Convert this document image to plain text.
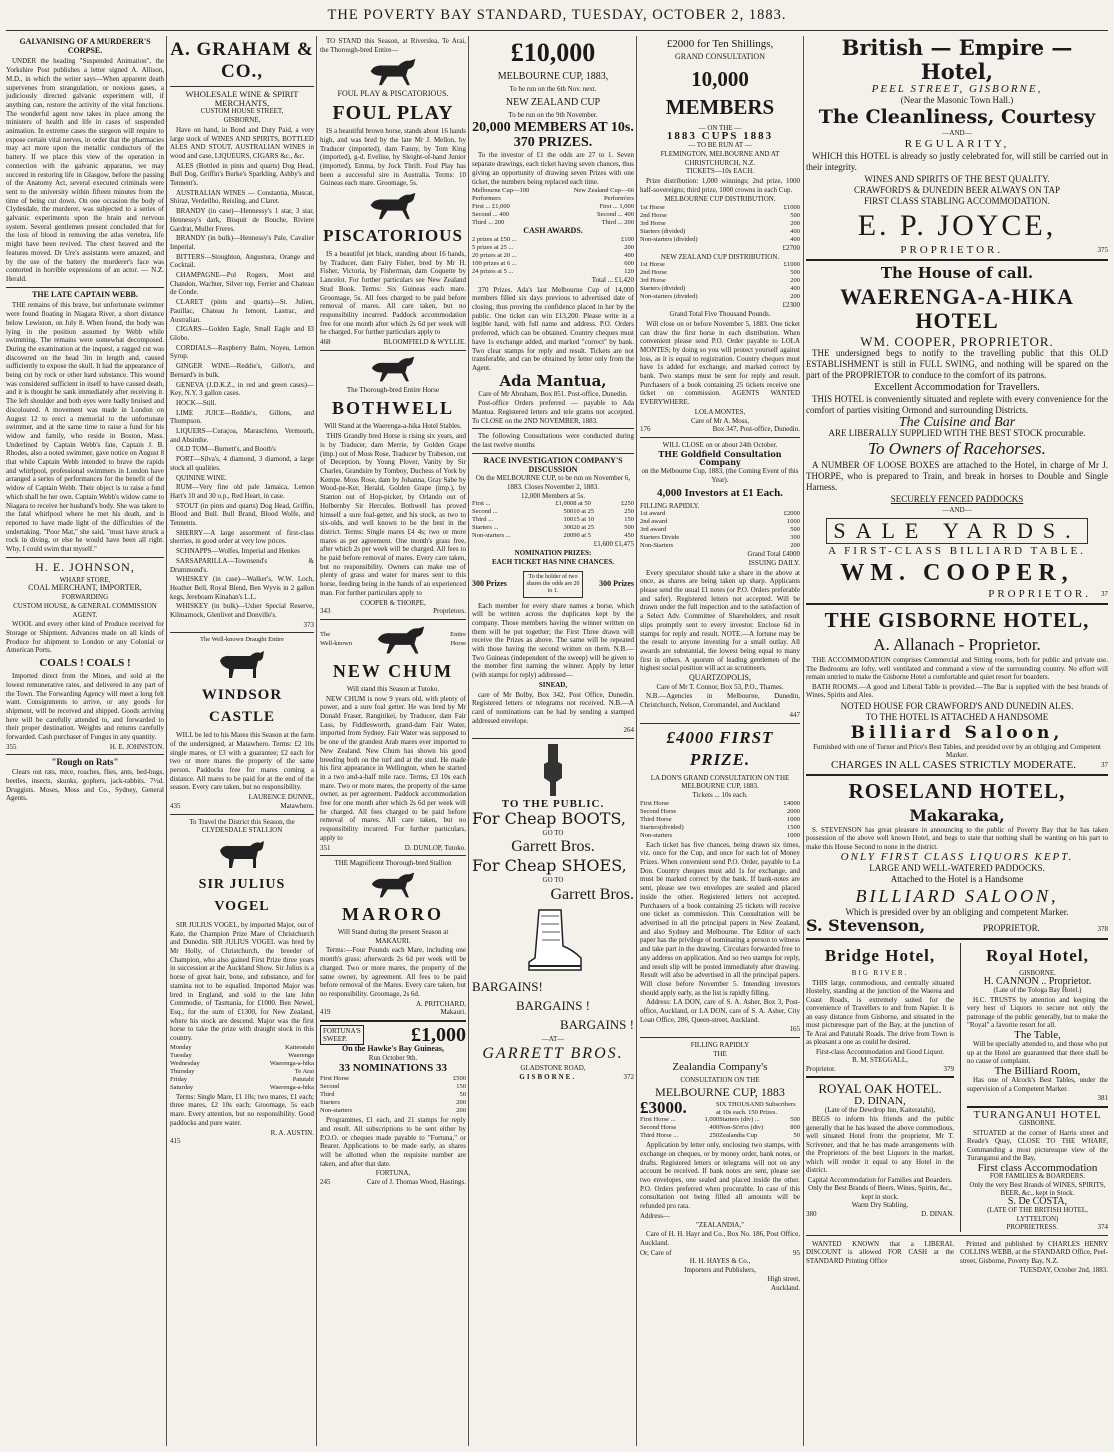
THE POVERTY BAY STANDARD, TUESDAY, OCTOBER 2, 1883.
GALVANISING OF A MURDERER'S CORPSE.
UNDER the heading "Suspended Animation", the Yorkshire Post publishes a letter signed A. Allison, M.D., in which the writer says—When apparent death supervenes from strangulation, or noxious gases, a judiciously directed galvanic experiment will, if anything can, restore the activity of the vital functions. The wonderful agent now takes its place among the ministers of health and life in cases of suspended animation. In extreme cases the surgeon will require to expose certain vital nerves, in order that the pharmacies may act more upon the metallic conductors of the battery. If we place this view of the operation in connection with the galvanic apparatus, we may succeed in restoring life in Glasgow, before the passing of the Anatomy Act, several executed criminals were sent to the university within fifteen minutes from the time of being cut down. On one occasion the body of Clydesdale, the murderer, was subjected to a series of galvanic experiments upon the brain and nervous system. Several gentlemen present concluded that for the loss of blood in removing the atlas vertebra, life might have been revived. The chest heaved and the features moved. Dr Ure's assistants were amazed, and by the use of the battery the murderer's face was contorted in horrible expressions of an actor. — N.Z. Herald.
THE LATE CAPTAIN WEBB.
THE remains of this brave, but unfortunate swimmer were found floating in Niagara River, a short distance below Lewiston, on July 8. When found, the body was lying in the position assumed by Webb while swimming. The remains were somewhat decomposed. During the examination at the inquest, a ragged cut was discovered on the head 3in in length and, caused sufficiently to expose the skull. It had the appearance of being cut by rock or other hard substance. This wound was considered sufficient in itself to have caused death, and it is thought he sank immediately after receiving it. The left shoulder and both eyes were badly bruised and discoloured. A movement was made in London on August 12 to erect a memorial to the unfortunate swimmer, and at the same time to raise a fund for his widow and family, who reside in Boston, Mass. Underlined by Captain Webb's fate, Captain J. B. Rhodes, also a noted swimmer, gave notice on August 8 that while Captain Webb intended to brave the rapids and whirlpool, professional swimmers in London have arranged a series of performances for the benefit of the widow of Captain Webb. Their object is to raise a fund which shall be her own. Captain Webb's widow came to Niagara to receive her husband's body. She was taken to the fatal whirlpool where he met his death, and is reported to have made light of the difficulties of the undertaking. "Poor Mat," she said, "must have struck a rock in diving, or else he would have been all right. Why, I could swim that myself."
H. E. JOHNSON,
WHARF STORE,
COAL MERCHANT, IMPORTER,
FORWARDING
CUSTOM HOUSE, & GENERAL COMMISSION AGENT.
WOOL and every other kind of Produce received for Storage or Shipment. Advances made on all kinds of Produce for shipment to London or any Colonial or American Ports.
COALS ! COALS !
Imported direct from the Mines, and sold at the lowest remunerative rates, and delivered in any part of the Town. The Forwarding Agency will meet a long felt want. Consignments to arrive, or any goods for shipment, will be received and shipped. Goods arriving here will be carefully attended to, and forwarded to their proper destination. Weights and returns carefully forwarded. Cash purchaser of Fungus in any quantity.
355	H. E. JOHNSTON.
"Rough on Rats"
Clears out rats, mice, roaches, flies, ants, bed-bugs, beetles, insects, skunks, gophers, jack-rabbits. 7½d. Druggists. Moses, Moss and Co., Sydney, General Agents.
A. GRAHAM & CO.,
WHOLESALE WINE & SPIRIT
MERCHANTS,
CUSTOM HOUSE STREET,
GISBORNE,
Have on hand, in Bond and Duty Paid, a very large stock of WINES AND SPIRITS, BOTTLED ALES AND STOUT, AUSTRALIAN WINES in wood and case, LIQUEURS, CIGARS &c., &c.
ALES (Bottled in pints and quarts) Dog Head, Bull Dog, Griffin's Burke's Sparkling, Ashby's and Tennent's.
AUSTRALIAN WINES — Constantia, Muscat, Shiraz, Verdeilho, Reisling, and Claret.
BRANDY (in case)—Hennessy's 1 star, 3 star, Hennessy's dark, Bisquit de Bouche, Riviere Gardrat, Muller Freres.
BRANDY (in bulk)—Hennessy's Pale, Cavalier Imperial.
BITTERS—Stoughton, Angustura, Orange and Cocktail.
CHAMPAGNE—Pol Rogers, Moet and Chandon, Wachter, Silver top, Ferrier and Chateau de Conde.
CLARET (pints and quarts)—St. Julien, Pauillac, Chateau Ju Iemont, Lastrac, and Australian.
CIGARS—Golden Eagle, Small Eagle and El Globo.
CORDIALS—Raspberry Balm, Noyeu, Lemon Syrup.
GINGER WINE—Reddie's, Gillon's, and Bernard's in bulk.
GENEVA (J.D.K.Z., in red and green cases)—Key, N.Y. 3 gallon cases.
HOCK—Still.
LIME JUICE—Reddie's, Gillons, and Thompson.
LIQUERS—Curaçoa, Maraschino, Vermouth, and Absinthe.
OLD TOM—Burnett's, and Booth's
PORT—Silva's, 4 diamond, 3 diamond, a large stock all qualities.
QUININE WINE.
RUM—Very fine old pale Jamaica, Lemon Hart's 10 and 30 o.p., Red Heart, in case.
STOUT (in pints and quarts) Dog Head, Griffin, Blood and Bull. Bull Brand, Blood Wolfe, and Tennents.
SHERRY—A large assortment of first-class sherries, in good order at very low prices.
SCHNAPPS—Wolfes, Imperial and Henkes
SARSAPARILLA—Townsend's & Drummond's.
WHISKEY (in case)—Walker's, W.W. Loch, Heather Bell, Royal Blend, Ben Wyvis in 2 gallon kegs, Jereboam Kinahan's L.L.
WHISKEY (in bulk)—Usher Special Reserve, Kilmarnock, Glenlivet and Donville's.
373
The Well-known Draught Entire
WINDSOR CASTLE
WILL be led to his Mares this Season at the farm of the undersigned, at Matawhero. Terms: £2 10s single mares, or £3 with a guarantee; £2 each for two or more mares the property of the same person. Paddocks free for mares coming a distance. All mares to be paid for at the end of the season. Every care taken, but no responsibility.
LAURENCE DUNNE,
435	Matawhero.
To Travel the District this Season, the
CLYDESDALE STALLION
SIR JULIUS VOGEL
SIR JULIUS VOGEL, by imported Major, out of Kate, the Champion Prize Mare of Christchurch and Dunedin. SIR JULIUS VOGEL was bred by Mr Holly, of Christchurch, the breeder of Champion, who also gained First Prize three years in succession at the Auckland Show. Sir Julius is a horse of great hair, bone, and substance, and for stamina not to be equalled. Imported Major was bred in England, and sold to the late John Commodie, of Tasmania, for £1000. Ben Newel, Esq., for the sum of £1300, for New Zealand, where his stock are descend. Major was the first horse to take the prize with draught stock in this country.
Monday	Kaiteratahi
Tuesday	Waerenga
Wednesday	Waerenga-a-hika
Thursday	Te Arai
Friday	Patutahi
Saturday	Waerenga-a-hika
Terms: Single Mare, £1 10s; two mares, £1 each; three mares, £2 10s each; Groomage, 5s each mare. Every attention, but no responsibility. Good paddocks and pure water.
R. A. AUSTIN.
415
TO STAND this Season, at Riverslea, Te Arai, the Thorough-bred Entire—
FOUL PLAY & PISCATORIOUS.
FOUL PLAY
IS a beautiful brown horse, stands about 16 hands high, and was bred by the late Mr J. Mellon, by Traducer (imported), dam Fanny, by Tom King (imported), g-d. Eveline, by Sleight-of-hand Junior (imported), Emma, by Jock Thrift. Foul Play has been a successful sire in Australia. Terms: 10 Guineas each mare. Groomage, 5s.
PISCATORIOUS
IS a beautiful jet black, standing about 16 hands, by Traducer, dam Fairy Fisher, bred by Mr H. Fisher, Victoria, by Fisherman, dam Coquette by Lancelot. For further particulars see New Zealand Stud Book. Terms: Six Guineas each mare. Groomage, 5s. All fees charged to be paid before removal of mares. All care taken, but no responsibility incurred. Paddock accommodation free for one month after which 2s 6d per week will be charged. For further particulars apply to
468	BLOOMFIELD & WYLLIE.
The Thorough-bred Entire Horse
BOTHWELL
Will Stand at the Waerenga-a-hika Hotel Stables.
THIS Grandly bred Horse is rising six years, and is by Traducer, dam Merrie, by Golden Grape (imp.) out of Moss Rose, Traducer by Trabeson, out of Deception, by Young Plover, Vanity by Sir Charles, Grandsire by Tomboy, Duchess of York by Kempe. Moss Rose, dam by Johanna, Gray Sabe by Wood-pe-Ker, Herald, Golden Grape (imp.), by Stanton out of Hop-picker, by Orlando out of Holbernby Sir Hercules. Bothwell has proved himself a sure foal-getter, and his stock, as two to six-olds, and well known to be the best in the district. Terms: Single mares £4 4s; two or more mares as per agreement. One month's grass free, after which 2s per week will be charged. All fees to be paid before removal of mares. Every care taken, but no responsibility. Owners can make use of plenty of grass and water for mares sent to this horse, feeding being in the hands of an experienced man. For further particulars apply to
COOPER & THORPE,
343	Proprietors.
The
Well-known
Entire
Horse
NEW CHUM
Will stand this Season at Tutoko.
NEW CHUM is now 9 years old, with plenty of power, and a sure foal getter. He was bred by Mr Donald Fraser, Rangitikei, by Traducer, dam Fair Lass, by Fiddlesworth, grand-dam Fair Water, imported from Sydney. Fair Water was supposed to be one of the grandest Arab mares ever imported to New Zealand. New Chum has shown his good breeding both on the turf and at the stud. He made his first appearance in Wellington, when he started in a two and-a-half mile race. Terms, £3 10s each mare. Two or more mares, the property of the same owner, as per agreement. Paddock accommodation free for one month after which 2s 6d per week will be charged. All fees charged to be paid before removal of mares. All care taken, but no responsibility incurred. For further particulars, apply to
351	D. DUNLOP, Tutoko.
THE Magnificent Thorough-bred Stallion
MARORO
Will Stand during the present Season at MAKAURI.
Terms:—Four Pounds each Mare, including one month's grass; afterwards 2s 6d per week will be charged. Two or more mares, the property of the same owner, by agreement. All fees to be paid before removal of the Mares. Every care taken, but no responsibility. Groomage, 2s 6d.
A. PRITCHARD,
419	Makauri.
FORTUNA'S
SWEEP.	£1,000
On the Hawke's Bay Guineas,
Run October 9th.
33 NOMINATIONS 33
First Horse	£500
Second	150
Third	50
Starters	200
Non-starters	200
Programmes, £1 each, and 21 stamps for reply and result. All subscriptions to be sent either by P.O.O. or cheques made payable to "Fortuna," or Bearer. Applications to be made early, as shares will be allotted when the requisite number are taken, and after that date.
FORTUNA,
245	Care of J. Thomas Wood, Hastings.
£10,000
MELBOURNE CUP, 1883,
To be run on the 6th Nov. next.
NEW ZEALAND CUP
To be run on the 9th November.
20,000 MEMBERS AT 10s.
370 PRIZES.
To the investor of £1 the odds are 27 to 1. Seven separate drawings, each ticket having seven chances, thus giving an opportunity of drawing seven Prizes with one ticket, the numbers being replaced each time.
Melbourne Cup—100 Performers	New Zealand Cup—66 Perform'ers
First ... £1,000	First ... 1,000
Second ... 400	Second ... 400
Third ... 200	Third ... 200
CASH AWARDS.
2 prizes at £50 ...	£100
5 prizes at 25 ...	200
20 prizes at 20 ...	400
100 prizes at 6 ...	600
24 prizes at 5 ...	120
Total ... £1,420
370 Prizes. Ada's last Melbourne Cup of 14,000 members filled six days previous to advertised date of closing, thus proving the confidence placed in her by the public. One ticket can win £13,200. Please write in a legible hand, with full name and address. P.O. Orders preferred, which can be obtained. Country cheques must have 1s exchange added, and marked "correct" by bank. Two clear stamps for reply and result. Tickets are not transferable, and can be obtained by letter only from the Agent.
Ada Mantua,
Care of Mr Abraham, Box 851. Post-office, Dunedin.
Post-office Orders preferred — payable to Ada Mantua. Registered letters and tele grams not accepted. To CLOSE on the 2ND NOVEMBER, 1883.
The following Consultations were conducted during the last twelve months
RACE INVESTIGATION COMPANY'S DISCUSSION
On the MELBOURNE CUP, to be run on November 6, 1883. Closes November 2, 1883.
12,000 Members at 5s.
First ...	£1,000	8 at 50	£250
Second ...	500	10 at 25	250
Third ...	100	15 at 10	150
Starters ...	300	20 at 25	500
Non-starters ...	200	90 at 5	450
£1,600 £1,475
NOMINATION PRIZES:
EACH TICKET HAS NINE CHANCES.
300 Prizes
To the holder of two shares the odds are 20 to 1.
300 Prizes
Each member for every share names a horse, which will be written across the duplicates kept by the company. Those members having the winner written on them will be put together; the First Three drawn will receive the Prizes as above. The same will be repeated with those having the second written on them. N.B.—Two Guineas (independent of the sweep) will be given to the member first naming the winner. Apply by letter (with stamps for reply) addressed—
SINEAD,
care of Mr Bolby, Box 342, Post Office, Dunedin. Registered letters or telegrams not received. N.B.—A card of nominations can be had by sending a stamped addressed envelope.
264
TO THE PUBLIC.
For Cheap BOOTS,
GO TO
Garrett Bros.
For Cheap SHOES,
GO TO
Garrett Bros.
BARGAINS!
BARGAINS !
BARGAINS !
—AT—
GARRETT BROS.
GLADSTONE ROAD,
GISBORNE.	372
£2000 for Ten Shillings,
GRAND CONSULTATION
10,000 MEMBERS
— ON THE —
1883 CUPS 1883
— TO BE RUN AT —
FLEMINGTON, MELBOURNE AND AT CHRISTCHURCH, N.Z.
TICKETS—10s EACH.
Prize distribution: 1,000 winnings; 2nd prize, 1000 half-sovereigns; third prize, 1000 crowns in each Cup.
MELBOURNE CUP DISTRIBUTION.
1st Horse	£1000
2nd Horse	500
3rd Horse	200
Starters (divided)	400
Non-starters (divided)	400
£2700
NEW ZEALAND CUP DISTRIBUTION.
1st Horse	£1000
2nd Horse	500
3rd Horse	200
Starters (divided)	400
Non-starters (divided)	200
£2300
Grand Total Five Thousand Pounds.
Will close on or before November 5, 1883. One ticket can draw the first horse in each distribution. When convenient please send P.O. Order payable to LOLA MONTES; by doing so you will protect yourself against loss, as it is equal to registration. Country cheques must have 1s added for exchange, and marked correct by bank. Two stamps must be sent for reply and result. Purchasers of a book containing 25 tickets receive one ticket on commission. AGENTS WANTED EVERYWHERE.
LOLA MONTES,
Care of Mr A. Moss,
176	Box 347, Post-office, Dunedin.
WILL CLOSE on or about 24th October.
THE Goldfield Consultation Company
on the Melbourne Cup, 1883, (the Coming Event of this Year).
4,000 Investors at £1 Each.
FILLING RAPIDLY.
1st award	£2000
2nd award	1000
3rd award	500
Starters Divide	300
Non-Starters	200
Grand Total £4000
ISSUING DAILY.
Every speculator should take a share in the above at once, as shares are being taken up sharp. Applicants please send the usual £1 notes (or P.O. Orders preferable and safer). Registered letters not accepted. Will be drawn under the full inspection and to the satisfaction of a Select Adv. Committee of Shareholders, and result slips promptly sent to every investor. Enclose 6d in stamps for reply and result. NOTE.—A fortune may be the result to anyone investing for a small outlay. All awards are substantial, the lowest being equal to many first in others. A quorum of leading gentlemen of the highest social position will act as scrutineers.
QUARTZOPOLIS,
Care of Mr T. Connor, Box 53, P.O., Thames.
N.B.—Agencies in Melbourne, Dunedin, Christchurch, Nelson, Coromandel, and Auckland
447
£4000 FIRST PRIZE.
LA DON'S GRAND CONSULTATION ON THE MELBOURNE CUP, 1883.
Tickets ... 10s each.
First Horse	£4000
Second Horse	2000
Third Horse	1000
Starters(divided)	1500
Non-starters	1000
Each ticket has five chances, being drawn six times, viz. once for the Cup, and once for each lot of Money Prizes. When convenient send P.O. Order, payable to La Don. Country cheques must add 1s for exchange, and must be marked correct by the bank. If bank-notes are sent, please see two envelopes are sealed and placed inside the other. Registered letters not accepted. Purchasers of a book containing 25 tickets will receive one ticket as commission. This Consultation will be advertised in all the principal papers in New Zealand, and also Sydney and Melbourne. The Editor of each paper has the privilege of nominating a person to witness and take part in the drawing. Circulars forwarded free to any address on application. And so two stamps for reply, and result slip will be posted immediately after drawing. Result will also be advertised in all the principal papers. Will close before November 5. Intending investors should apply early, as the list is rapidly filling.
Address: LA DON, care of S. A. Asher, Box 3, Post-office, Auckland, or LA DON, care of S. A. Asher, City Loan Office, 286, Queen-street, Auckland.
165
FILLING RAPIDLY
THE
Zealandia Company's
CONSULTATION ON THE
MELBOURNE CUP, 1883
£3000.	SIX THOUSAND Subscribers at 10s each. 150 Prizes.
First Horse ...	1,000	Starters (div) ...	500
Second Horse	400	Non-St'rt'rs (div)	800
Third Horse ...	250	Zealandia Cup	50
Application by letter only, enclosing two stamps, with exchange on cheques, or by money order, bank notes, or drafts. Registered letters or telegrams will not on any account be received. If bank notes are sent, please see two envelopes, one sealed and placed inside the other. P.O. Orders preferred when procurable. In case of this consultation not being filled all amounts will be refunded pro rata.
Address—
"ZEALANDIA,"
Care of H. H. Hayr and Co., Box No. 186, Post Office, Auckland.
Or, Care of	95
H. H. HAYES & Co.,
Importers and Publishers,
High street,
Auckland.
British — Empire — Hotel,
PEEL STREET, GISBORNE,
(Near the Masonic Town Hall.)
The Cleanliness, Courtesy
—AND—
REGULARITY,
WHICH this HOTEL is already so justly celebrated for, will still be carried out in their integrity.
WINES AND SPIRITS OF THE BEST QUALITY.
CRAWFORD'S & DUNEDIN BEER ALWAYS ON TAP
FIRST CLASS STABLING ACCOMMODATION.
E. P. JOYCE,
PROPRIETOR.	375
The House of call.
WAERENGA-A-HIKA HOTEL
WM. COOPER, PROPRIETOR.
THE undersigned begs to notify to the travelling public that this OLD ESTABLISHMENT is still in FULL SWING, and nothing will be spared on the part of the PROPRIETOR to conduce to the comfort of its patrons.
Excellent Accommodation for Travellers.
THIS HOTEL is conveniently situated and replete with every convenience for the comfort of parties visiting Ormond and surrounding Districts.
The Cuisine and Bar
ARE LIBERALLY SUPPLIED WITH THE BEST STOCK procurable.
To Owners of Racehorses.
A NUMBER OF LOOSE BOXES are attached to the Hotel, in charge of Mr J. THORPE, who is prepared to Train, and break in horses to Double and Single Harness.
SECURELY FENCED PADDOCKS
—AND—
SALE YARDS.
A FIRST-CLASS BILLIARD TABLE.
WM. COOPER,
PROPRIETOR. 37
THE GISBORNE HOTEL,
A. Allanach - Proprietor.
THE ACCOMMODATION comprises Commercial and Sitting rooms, both for public and private use. The Bedrooms are lofty, well ventilated and command a view of the surrounding country. No effort will remain untried to make the Gisborne Hotel a comfortable and quiet resort for boarders.
BATH ROOMS.—A good and Liberal Table is provided.—The Bar is supplied with the best brands of Wines, Spirits and Ales.
NOTED HOUSE FOR CRAWFORD'S AND DUNEDIN ALES.
TO THE HOTEL IS ATTACHED A HANDSOME
Billiard Saloon,
Furnished with one of Turner and Price's Best Tables, and presided over by an obliging and Competent Marker.
CHARGES IN ALL CASES STRICTLY MODERATE.	37
ROSELAND HOTEL,
Makaraka,
S. STEVENSON has great pleasure in announcing to the public of Poverty Bay that he has taken possession of the above well known Hotel, and begs to state that nothing shall be wanting on his part to make this House Second to none in the district.
ONLY FIRST CLASS LIQUORS KEPT.
LARGE AND WELL-WATERED PADDOCKS.
Attached to the Hotel is a Handsome
BILLIARD SALOON,
Which is presided over by an obliging and competent Marker.
S. Stevenson,	PROPRIETOR.	378
Bridge Hotel,
BIG RIVER.
THIS large, commodious, and centrally situated Hostelry, standing at the junction of the Waerea and Coast Roads, is extremely suited for the convenience of Travellers to and from Napier. It is an easy distance from Gisborne, and situated in the most picturesque part of the Bay, at the junction of Te Arai and Patutahi Roads. The drive from Town is as pleasant a one as could be desired.
First-class Accommodation and Good Liquor.
R. M. STEGGALL,
Proprietor.	379
ROYAL OAK HOTEL.
D. DINAN,
(Late of the Dewdrop Inn, Kaiteratahi),
BEGS to inform his friends and the public generally that he has leased the above commodious, well situated Hotel from the proprietor, Mr T. Scrivener, and that he has made arrangements with the Proprietors of the best Liquors in the market, which will render it equal to any Hotel in the district.
Capital Accommodation for Families and Boarders.
Only the Best Brands of Beers, Wines, Spirits, &c., kept in stock.
Warm Dry Stabling.
380	D. DINAN.
Royal Hotel,
GISBORNE.
H. CANNON .. Proprietor.
(Late of the Tologa Bay Hotel.)
H.C. TRUSTS by attention and keeping the very best of Liquors to secure not only the patronage of the public generally, but to make the "Royal" a favorite resort for all.
The Table,
Will be specially attended to, and those who put up at the Hotel are guaranteed that there shall be no cause of complaint.
The Billiard Room,
Has one of Alcock's Best Tables, under the supervision of a Competent Marker.
381
TURANGANUI HOTEL
GISBORNE.
SITUATED at the corner of Harris street and Reade's Quay, CLOSE TO THE WHARF, Commanding a most picturesque view of the Turanganui and the Bay,
First class Accommodation
FOR FAMILIES & BOARDERS.
Only the very Best Brands of WINES, SPIRITS, BEER, &c., kept in Stock.
S. De COSTA,
(LATE OF THE BRITISH HOTEL, LYTTELTON)
PROPRIETRESS.	374
WANTED KNOWN that a LIBERAL DISCOUNT is allowed FOR CASH at the STANDARD Printing Office
Printed and published by CHARLES HENRY COLLINS WEBB, at the STANDARD Office, Peel-street, Gisborne, Poverty Bay, N.Z.
TUESDAY, October 2nd, 1883.
